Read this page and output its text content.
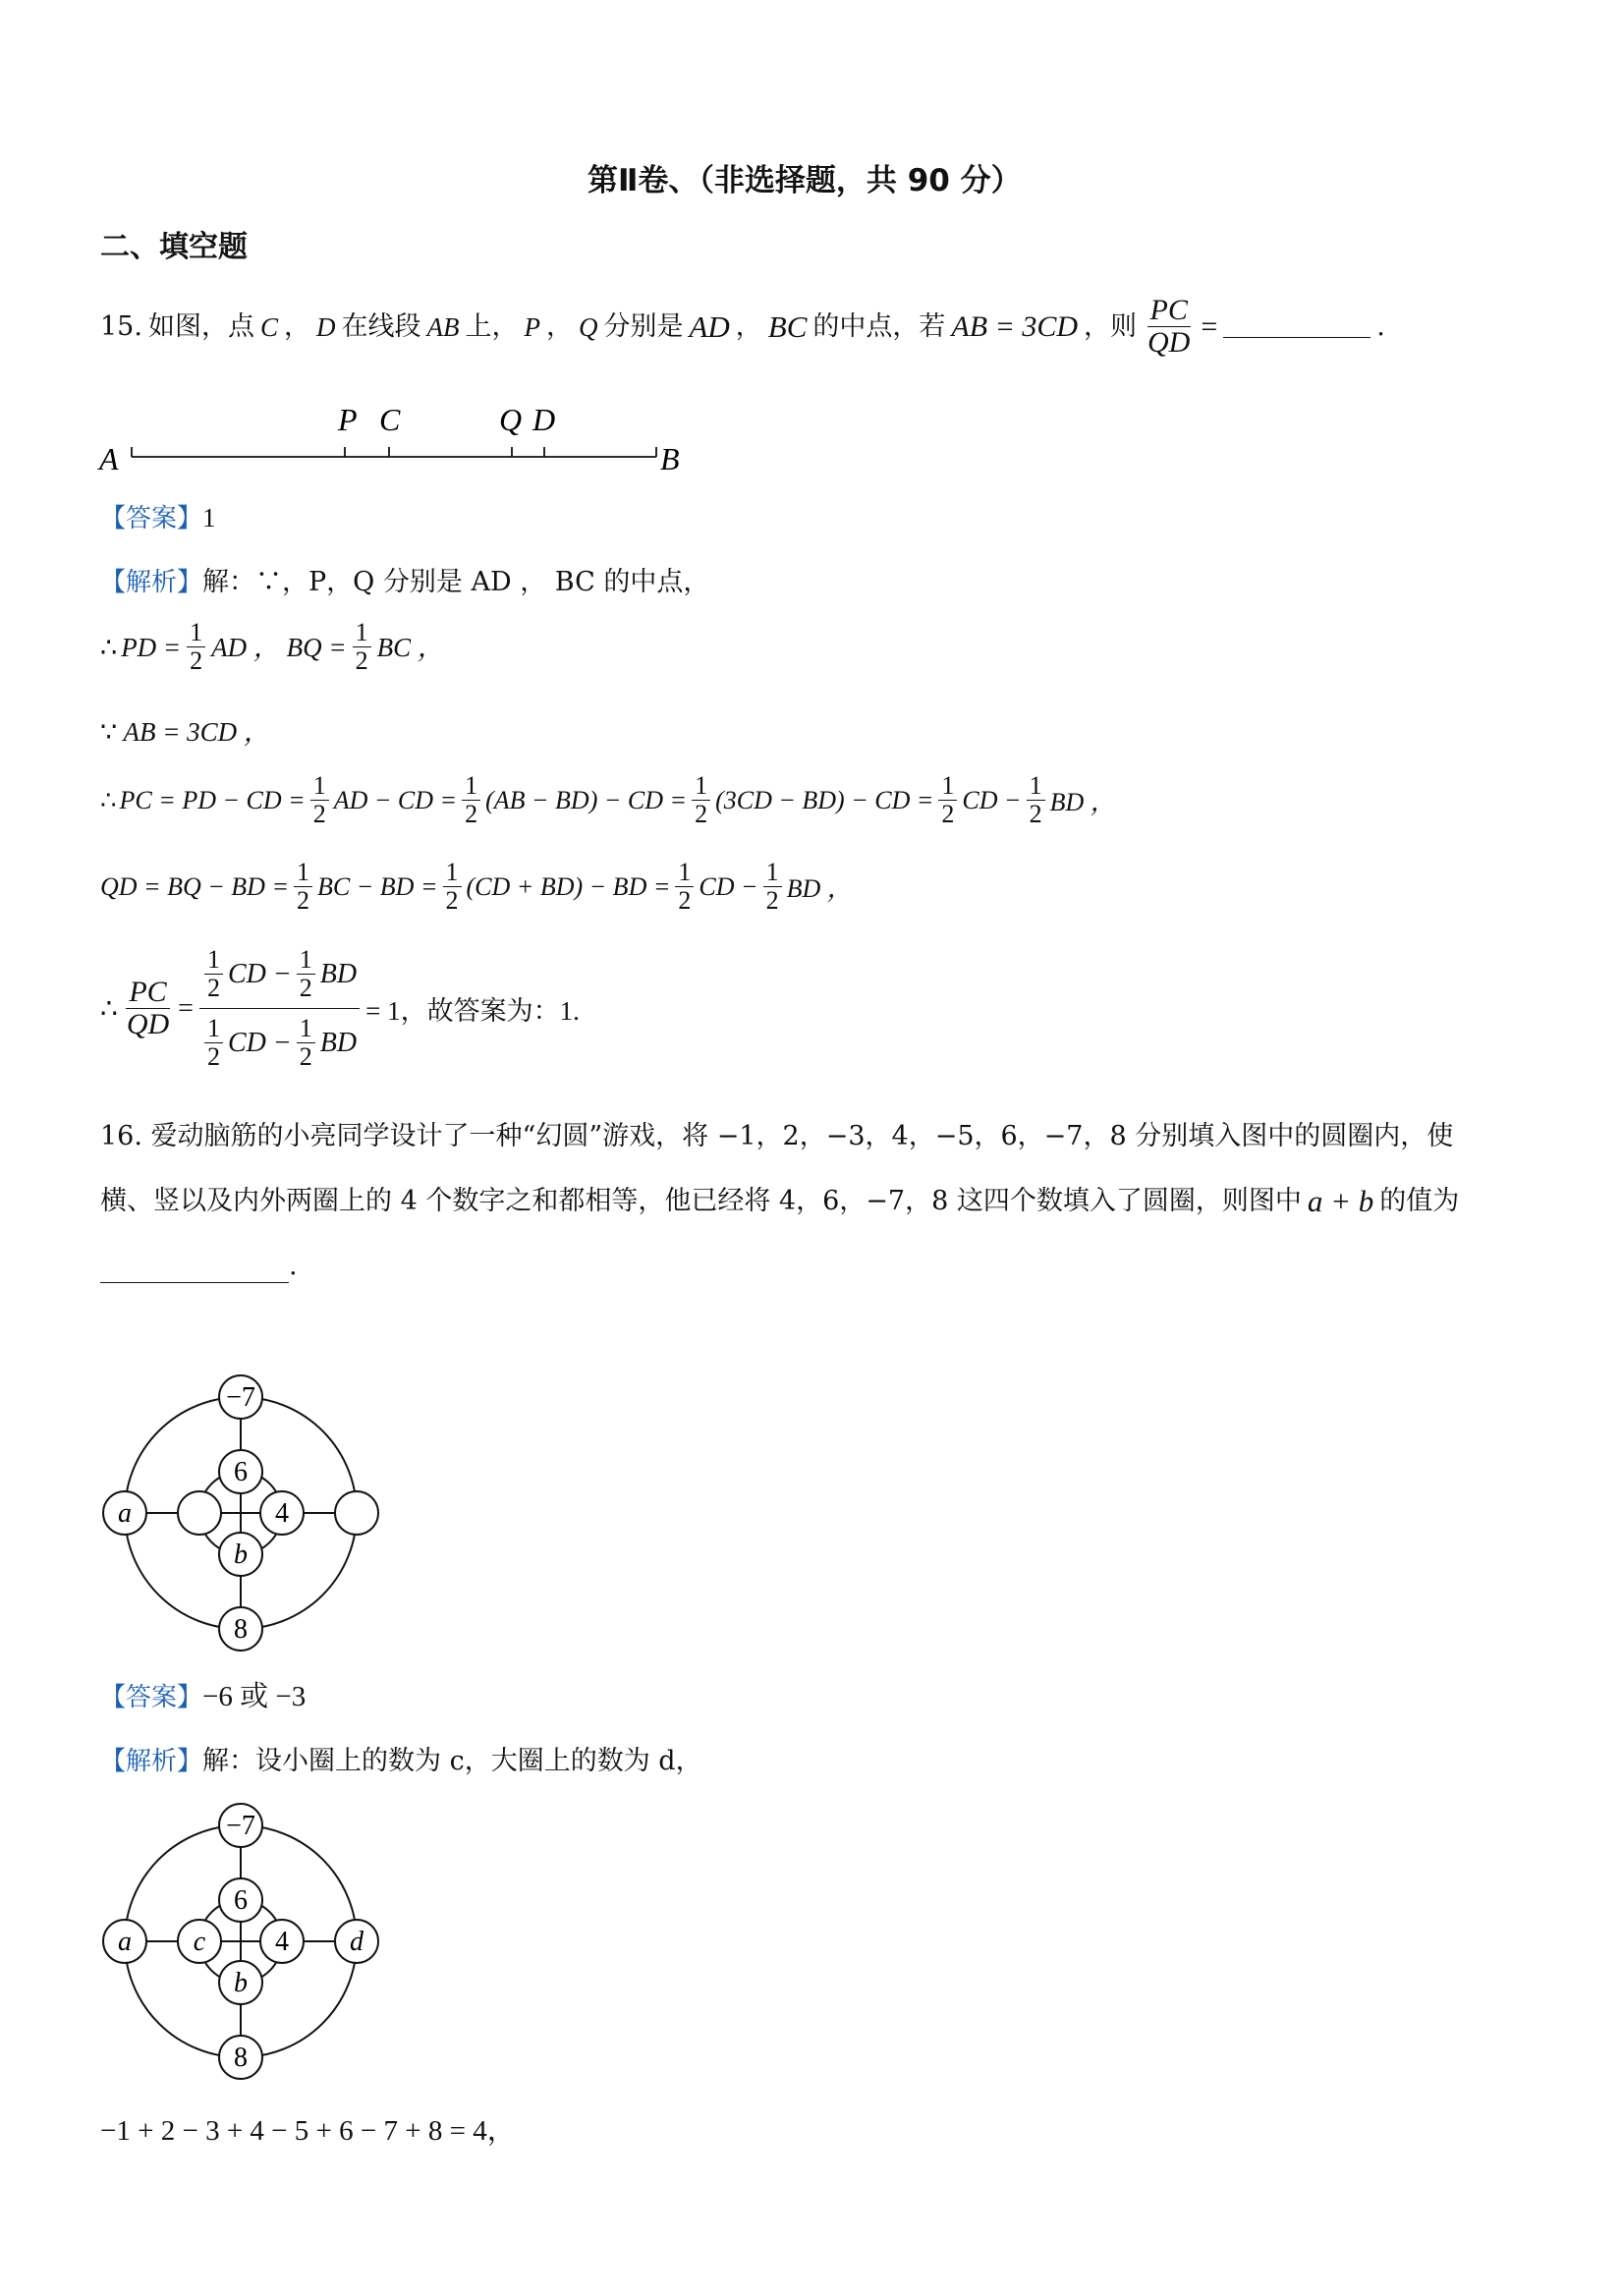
第Ⅱ卷、（非选择题，共 90 分）
二、填空题
15. 如图，点 C ， D 在线段 AB 上， P ， Q 分别是 AD ， BC 的中点，若 AB = 3CD ，则 $\frac{PC}{QD}$ =	.
A	B
P C	Q D
【答案】1
【解析】解：∵，P，Q 分别是 AD ， BC 的中点，
∴ PD = $\frac{1}{2}$ AD ， BQ = $\frac{1}{2}$ BC ，
∵ AB = 3CD ，
∴ PC = PD − CD = $\frac{1}{2}$ AD − CD = $\frac{1}{2} (AB - BD)$ − CD = $\frac{1}{2} (3CD - BD)$ − CD = $\frac{1}{2}$ CD − $\frac{1}{2}$ BD ，
QD = BQ − BD = $\frac{1}{2}$ BC − BD = $\frac{1}{2} (CD + BD)$ − BD = $\frac{1}{2}$ CD − $\frac{1}{2}$ BD ，
∴ $\frac{PC}{QD} = \frac{\frac{1}{2} CD - \frac{1}{2} BD}{\frac{1}{2} CD - \frac{1}{2} BD} = 1$，故答案为：1.
16. 爱动脑筋的小亮同学设计了一种“幻圆”游戏，将 −1，2，−3，4，−5，6，−7，8 分别填入图中的圆圈内，使
横、竖以及内外两圈上的 4 个数字之和都相等，他已经将 4，6，−7，8 这四个数填入了圆圈，则图中 a + b 的值为
.
−7
6
a	4
b
8
【答案】−6 或 −3
【解析】解：设小圈上的数为 c，大圈上的数为 d，
−7
6
a c	4 d
b
8
−1 + 2 − 3 + 4 − 5 + 6 − 7 + 8 = 4，
